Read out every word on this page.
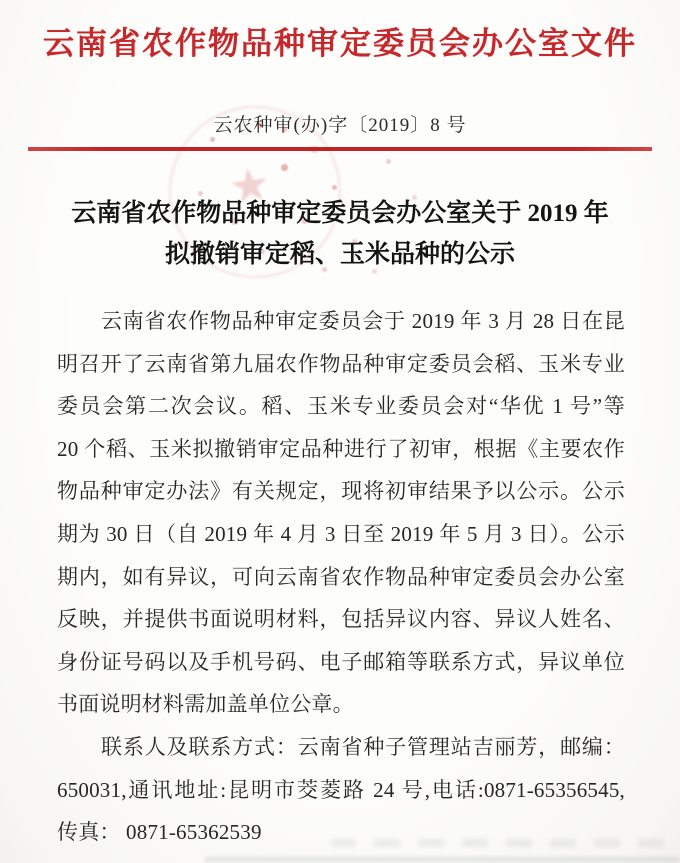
云南省农作物品种审定委员会办公室文件
云农种审(办)字〔2019〕8 号
★
云南省农作物品种审定委员会办公室关于 2019 年
拟撤销审定稻、玉米品种的公示
云南省农作物品种审定委员会于 2019 年 3 月 28 日在昆
明召开了云南省第九届农作物品种审定委员会稻、玉米专业
委员会第二次会议。稻、玉米专业委员会对“华优 1 号”等
20 个稻、玉米拟撤销审定品种进行了初审，根据《主要农作
物品种审定办法》有关规定，现将初审结果予以公示。公示
期为 30 日（自 2019 年 4 月 3 日至 2019 年 5 月 3 日）。公示
期内，如有异议，可向云南省农作物品种审定委员会办公室
反映，并提供书面说明材料，包括异议内容、异议人姓名、
身份证号码以及手机号码、电子邮箱等联系方式，异议单位
书面说明材料需加盖单位公章。
联系人及联系方式：云南省种子管理站吉丽芳，邮编：
650031,通讯地址:昆明市茭菱路 24 号,电话:0871-65356545,
传真： 0871-65362539
